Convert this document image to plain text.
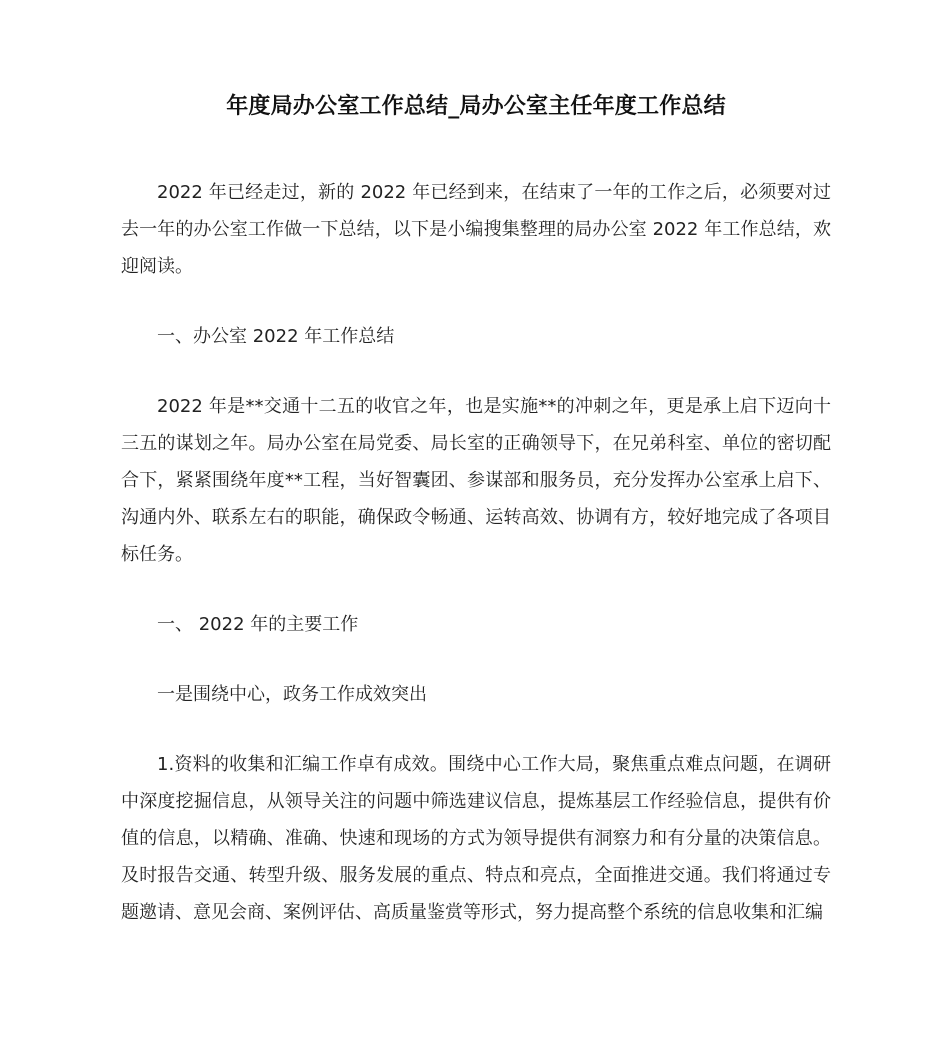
年度局办公室工作总结_局办公室主任年度工作总结

2022 年已经走过，新的 2022 年已经到来，在结束了一年的工作之后，必须要对过去一年的办公室工作做一下总结，以下是小编搜集整理的局办公室 2022 年工作总结，欢迎阅读。

一、办公室 2022 年工作总结

2022 年是**交通十二五的收官之年，也是实施**的冲刺之年，更是承上启下迈向十三五的谋划之年。局办公室在局党委、局长室的正确领导下，在兄弟科室、单位的密切配合下，紧紧围绕年度**工程，当好智囊团、参谋部和服务员，充分发挥办公室承上启下、沟通内外、联系左右的职能，确保政令畅通、运转高效、协调有方，较好地完成了各项目标任务。

一、 2022 年的主要工作

一是围绕中心，政务工作成效突出

1.资料的收集和汇编工作卓有成效。围绕中心工作大局，聚焦重点难点问题，在调研中深度挖掘信息，从领导关注的问题中筛选建议信息，提炼基层工作经验信息，提供有价值的信息，以精确、准确、快速和现场的方式为领导提供有洞察力和有分量的决策信息。及时报告交通、转型升级、服务发展的重点、特点和亮点，全面推进交通。我们将通过专题邀请、意见会商、案例评估、高质量鉴赏等形式，努力提高整个系统的信息收集和汇编
